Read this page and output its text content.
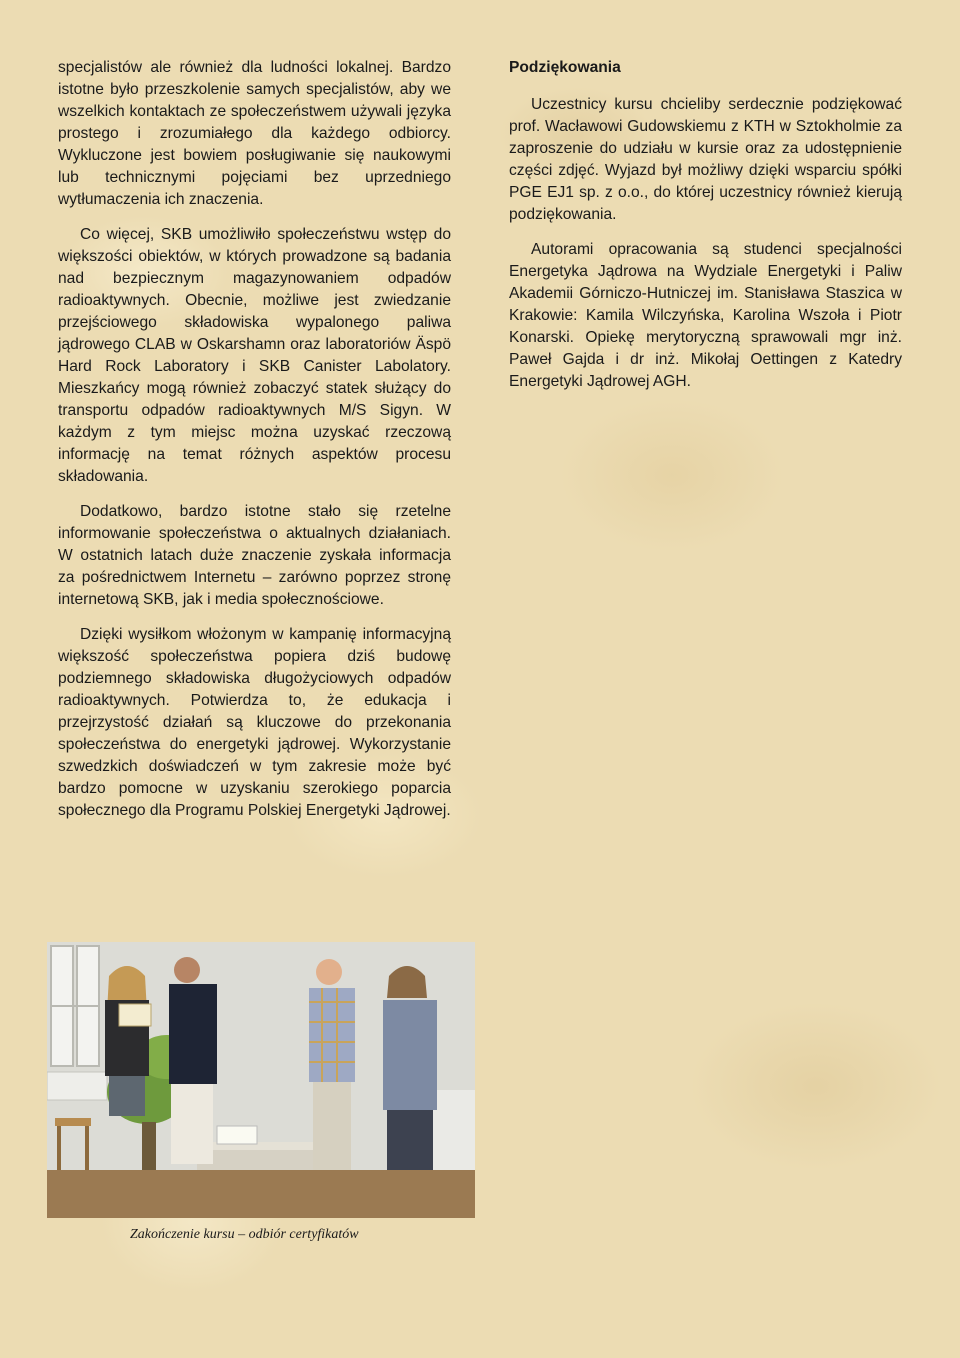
specjalistów ale również dla ludności lokalnej. Bardzo istotne było przeszkolenie samych specjalistów, aby we wszelkich kontaktach ze społeczeństwem używali języka prostego i zrozumiałego dla każdego odbiorcy. Wykluczone jest bowiem posługiwanie się naukowymi lub technicznymi pojęciami bez uprzedniego wytłumaczenia ich znaczenia.

Co więcej, SKB umożliwiło społeczeństwu wstęp do większości obiektów, w których prowadzone są badania nad bezpiecznym magazynowaniem odpadów radioaktywnych. Obecnie, możliwe jest zwiedzanie przejściowego składowiska wypalonego paliwa jądrowego CLAB w Oskarshamn oraz laboratoriów Äspö Hard Rock Laboratory i SKB Canister Labolatory. Mieszkańcy mogą również zobaczyć statek służący do transportu odpadów radioaktywnych M/S Sigyn. W każdym z tym miejsc można uzyskać rzeczową informację na temat różnych aspektów procesu składowania.

Dodatkowo, bardzo istotne stało się rzetelne informowanie społeczeństwa o aktualnych działaniach. W ostatnich latach duże znaczenie zyskała informacja za pośrednictwem Internetu – zarówno poprzez stronę internetową SKB, jak i media społecznościowe.

Dzięki wysiłkom włożonym w kampanię informacyjną większość społeczeństwa popiera dziś budowę podziemnego składowiska długożyciowych odpadów radioaktywnych. Potwierdza to, że edukacja i przejrzystość działań są kluczowe do przekonania społeczeństwa do energetyki jądrowej. Wykorzystanie szwedzkich doświadczeń w tym zakresie może być bardzo pomocne w uzyskaniu szerokiego poparcia społecznego dla Programu Polskiej Energetyki Jądrowej.

Podziękowania

Uczestnicy kursu chcieliby serdecznie podziękować prof. Wacławowi Gudowskiemu z KTH w Sztokholmie za zaproszenie do udziału w kursie oraz za udostępnienie części zdjęć. Wyjazd był możliwy dzięki wsparciu spółki PGE EJ1 sp. z o.o., do której uczestnicy również kierują podziękowania.

Autorami opracowania są studenci specjalności Energetyka Jądrowa na Wydziale Energetyki i Paliw Akademii Górniczo-Hutniczej im. Stanisława Staszica w Krakowie: Kamila Wilczyńska, Karolina Wszoła i Piotr Konarski. Opiekę merytoryczną sprawowali mgr inż. Paweł Gajda i dr inż. Mikołaj Oettingen z Katedry Energetyki Jądrowej AGH.

Zakończenie kursu – odbiór certyfikatów
